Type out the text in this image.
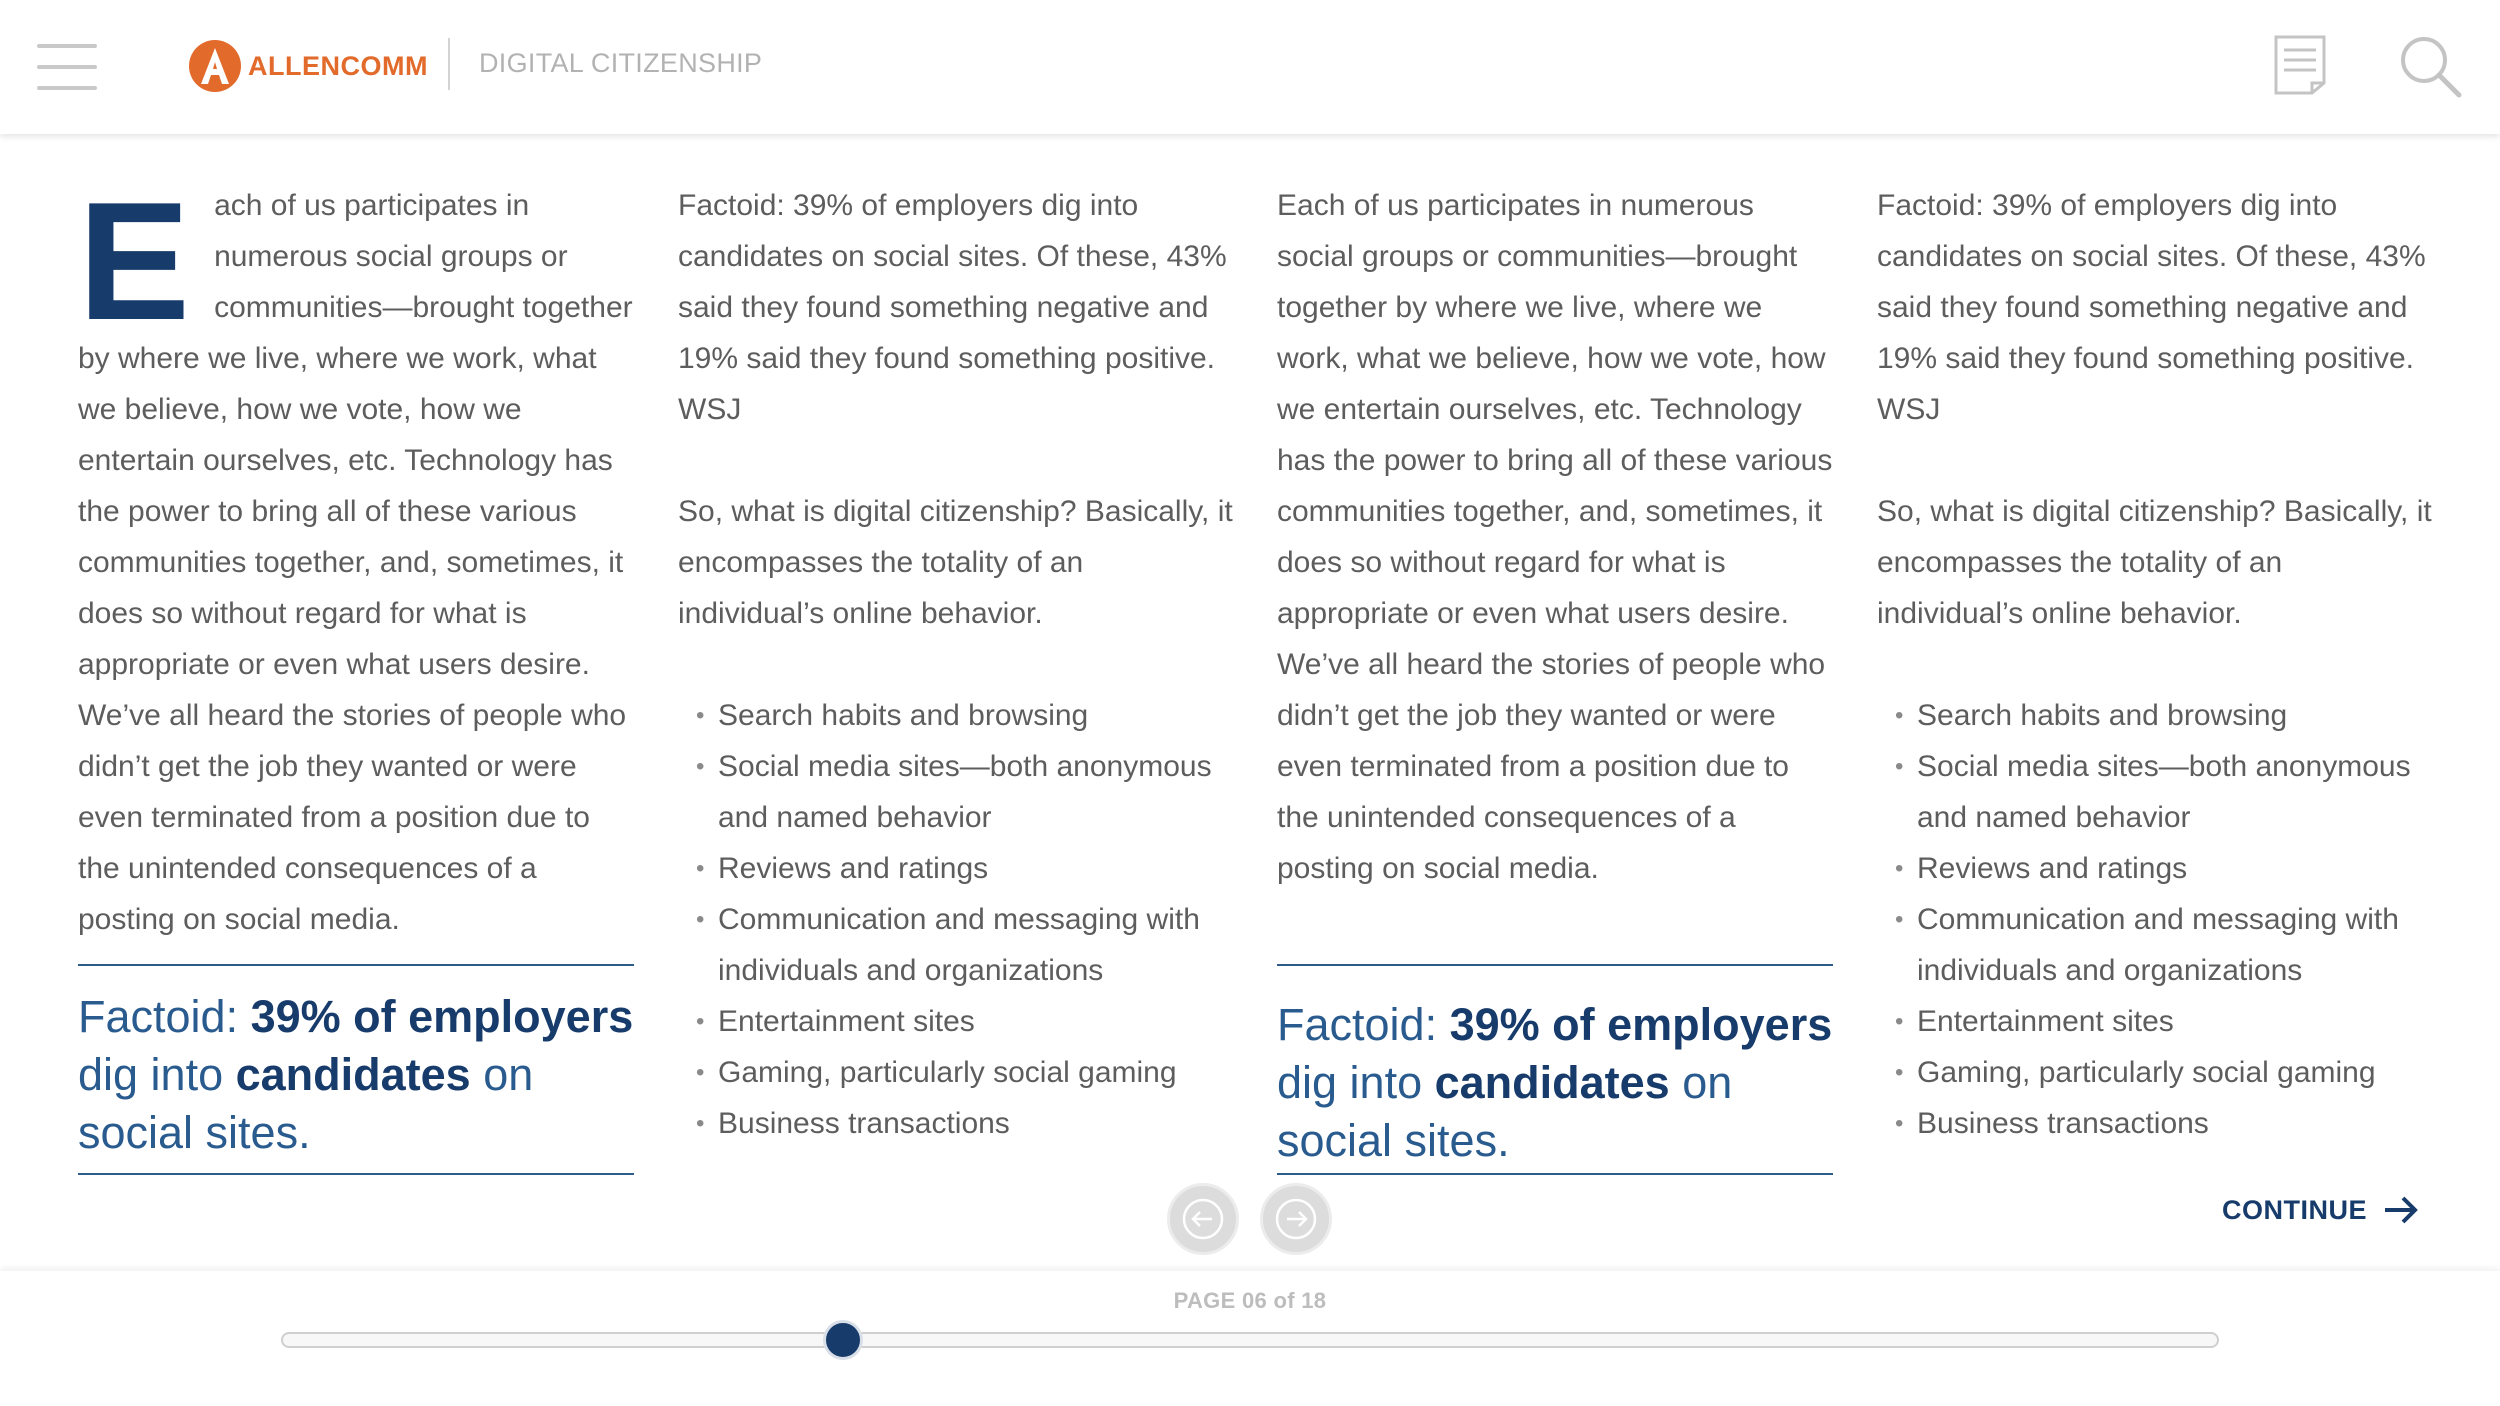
ALLENCOMM DIGITAL CITIZENSHIP
E ach of us participates in numerous social groups or communities—brought together by where we live, where we work, what we believe, how we vote, how we entertain ourselves, etc. Technology has the power to bring all of these various communities together, and, sometimes, it does so without regard for what is appropriate or even what users desire. We’ve all heard the stories of people who didn’t get the job they wanted or were even terminated from a position due to the unintended consequences of a posting on social media.

Factoid: 39% of employers
dig into candidates on social sites.

Factoid: 39% of employers dig into candidates on social sites. Of these, 43% said they found something negative and 19% said they found something positive. WSJ

So, what is digital citizenship? Basically, it encompasses the totality of an individual’s online behavior.

• Search habits and browsing
• Social media sites—both anonymous and named behavior
• Reviews and ratings
• Communication and messaging with individuals and organizations
• Entertainment sites
• Gaming, particularly social gaming
• Business transactions

Each of us participates in numerous social groups or communities—brought together by where we live, where we work, what we believe, how we vote, how we entertain ourselves, etc. Technology has the power to bring all of these various communities together, and, sometimes, it does so without regard for what is appropriate or even what users desire. We’ve all heard the stories of people who didn’t get the job they wanted or were even terminated from a position due to the unintended consequences of a posting on social media.

Factoid: 39% of employers
dig into candidates on social sites.

Factoid: 39% of employers dig into candidates on social sites. Of these, 43% said they found something negative and 19% said they found something positive. WSJ

So, what is digital citizenship? Basically, it encompasses the totality of an individual’s online behavior.

• Search habits and browsing
• Social media sites—both anonymous and named behavior
• Reviews and ratings
• Communication and messaging with individuals and organizations
• Entertainment sites
• Gaming, particularly social gaming
• Business transactions
CONTINUE
PAGE 06 of 18
